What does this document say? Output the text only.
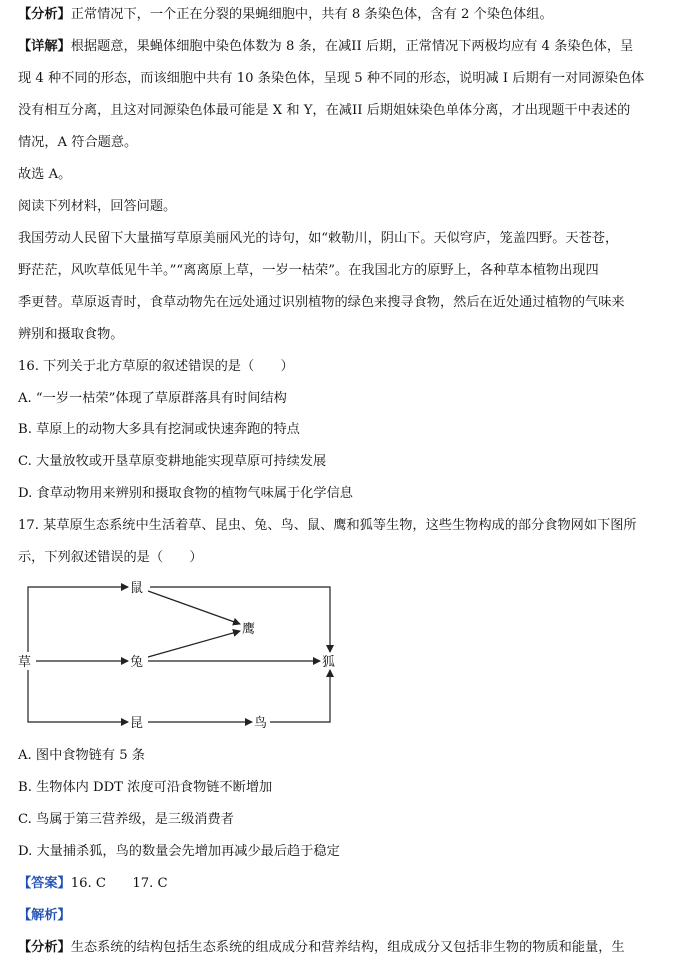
【分析】正常情况下，一个正在分裂的果蝇细胞中，共有 8 条染色体，含有 2 个染色体组。
【详解】根据题意，果蝇体细胞中染色体数为 8 条，在减II 后期，正常情况下两极均应有 4 条染色体，呈
现 4 种不同的形态，而该细胞中共有 10 条染色体，呈现 5 种不同的形态，说明减 I 后期有一对同源染色体
没有相互分离，且这对同源染色体最可能是 X 和 Y，在减II 后期姐妹染色单体分离，才出现题干中表述的
情况，A 符合题意。
故选 A。
阅读下列材料，回答问题。
我国劳动人民留下大量描写草原美丽风光的诗句，如“敕勒川，阴山下。天似穹庐，笼盖四野。天苍苍，
野茫茫，风吹草低见牛羊。”“离离原上草，一岁一枯荣”。在我国北方的原野上，各种草本植物出现四
季更替。草原返青时，食草动物先在远处通过识别植物的绿色来搜寻食物，然后在近处通过植物的气味来
辨别和摄取食物。
16. 下列关于北方草原的叙述错误的是（　　）
A. “一岁一枯荣”体现了草原群落具有时间结构
B. 草原上的动物大多具有挖洞或快速奔跑的特点
C. 大量放牧或开垦草原变耕地能实现草原可持续发展
D. 食草动物用来辨别和摄取食物的植物气味属于化学信息
17. 某草原生态系统中生活着草、昆虫、兔、鸟、鼠、鹰和狐等生物，这些生物构成的部分食物网如下图所
示，下列叙述错误的是（　　）
草
鼠
兔
鹰
狐
昆	鸟
A. 图中食物链有 5 条
B. 生物体内 DDT 浓度可沿食物链不断增加
C. 鸟属于第三营养级，是三级消费者
D. 大量捕杀狐，鸟的数量会先增加再减少最后趋于稳定
【答案】16. C　　17. C
【解析】
【分析】生态系统的结构包括生态系统的组成成分和营养结构，组成成分又包括非生物的物质和能量，生
